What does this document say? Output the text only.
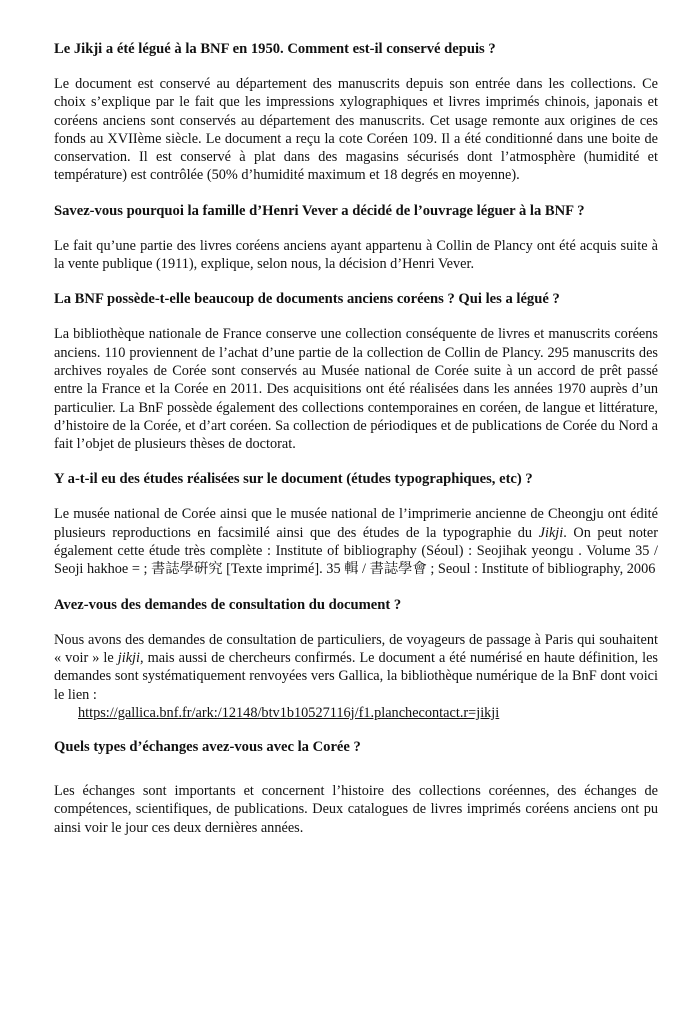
Le Jikji a été légué à la BNF en 1950. Comment est-il conservé depuis ?

Le document est conservé au département des manuscrits depuis son entrée dans les collections. Ce choix s’explique par le fait que les impressions xylographiques et livres imprimés chinois, japonais et coréens anciens sont conservés au département des manuscrits. Cet usage remonte aux origines de ces fonds au XVIIème siècle. Le document a reçu la cote Coréen 109. Il a été conditionné dans une boite de conservation. Il est conservé à plat dans des magasins sécurisés dont l’atmosphère (humidité et température) est contrôlée (50% d’humidité maximum et 18 degrés en moyenne).

Savez-vous pourquoi la famille d’Henri Vever a décidé de l’ouvrage léguer à la BNF ?

Le fait qu’une partie des livres coréens anciens ayant appartenu à Collin de Plancy ont été acquis suite à la vente publique (1911), explique, selon nous, la décision d’Henri Vever.

La BNF possède-t-elle beaucoup de documents anciens coréens ? Qui les a légué ?

La bibliothèque nationale de France conserve une collection conséquente de livres et manuscrits coréens anciens. 110 proviennent de l’achat d’une partie de la collection de Collin de Plancy. 295 manuscrits des archives royales de Corée sont conservés au Musée national de Corée suite à un accord de prêt passé entre la France et la Corée en 2011. Des acquisitions ont été réalisées dans les années 1970 auprès d’un particulier. La BnF possède également des collections contemporaines en coréen, de langue et littérature, d’histoire de la Corée, et d’art coréen. Sa collection de périodiques et de publications de Corée du Nord a fait l’objet de plusieurs thèses de doctorat.

Y a-t-il eu des études réalisées sur le document (études typographiques, etc) ?

Le musée national de Corée ainsi que le musée national de l’imprimerie ancienne de Cheongju ont édité plusieurs reproductions en facsimilé ainsi que des études de la typographie du Jikji. On peut noter également cette étude très complète : Institute of bibliography (Séoul) : Seojihak yeongu . Volume 35 / Seoji hakhoe = ; 書誌學硏究 [Texte imprimé]. 35 輯 / 書誌學會 ; Seoul : Institute of bibliography, 2006

Avez-vous des demandes de consultation du document ?

Nous avons des demandes de consultation de particuliers, de voyageurs de passage à Paris qui souhaitent « voir » le jikji, mais aussi de chercheurs confirmés. Le document a été numérisé en haute définition, les demandes sont systématiquement renvoyées vers Gallica, la bibliothèque numérique de la BnF dont voici le lien :

https://gallica.bnf.fr/ark:/12148/btv1b10527116j/f1.planchecontact.r=jikji

Quels types d’échanges avez-vous avec la Corée ?

Les échanges sont importants et concernent l’histoire des collections coréennes, des échanges de compétences, scientifiques, de publications. Deux catalogues de livres imprimés coréens anciens ont pu ainsi voir le jour ces deux dernières années.
